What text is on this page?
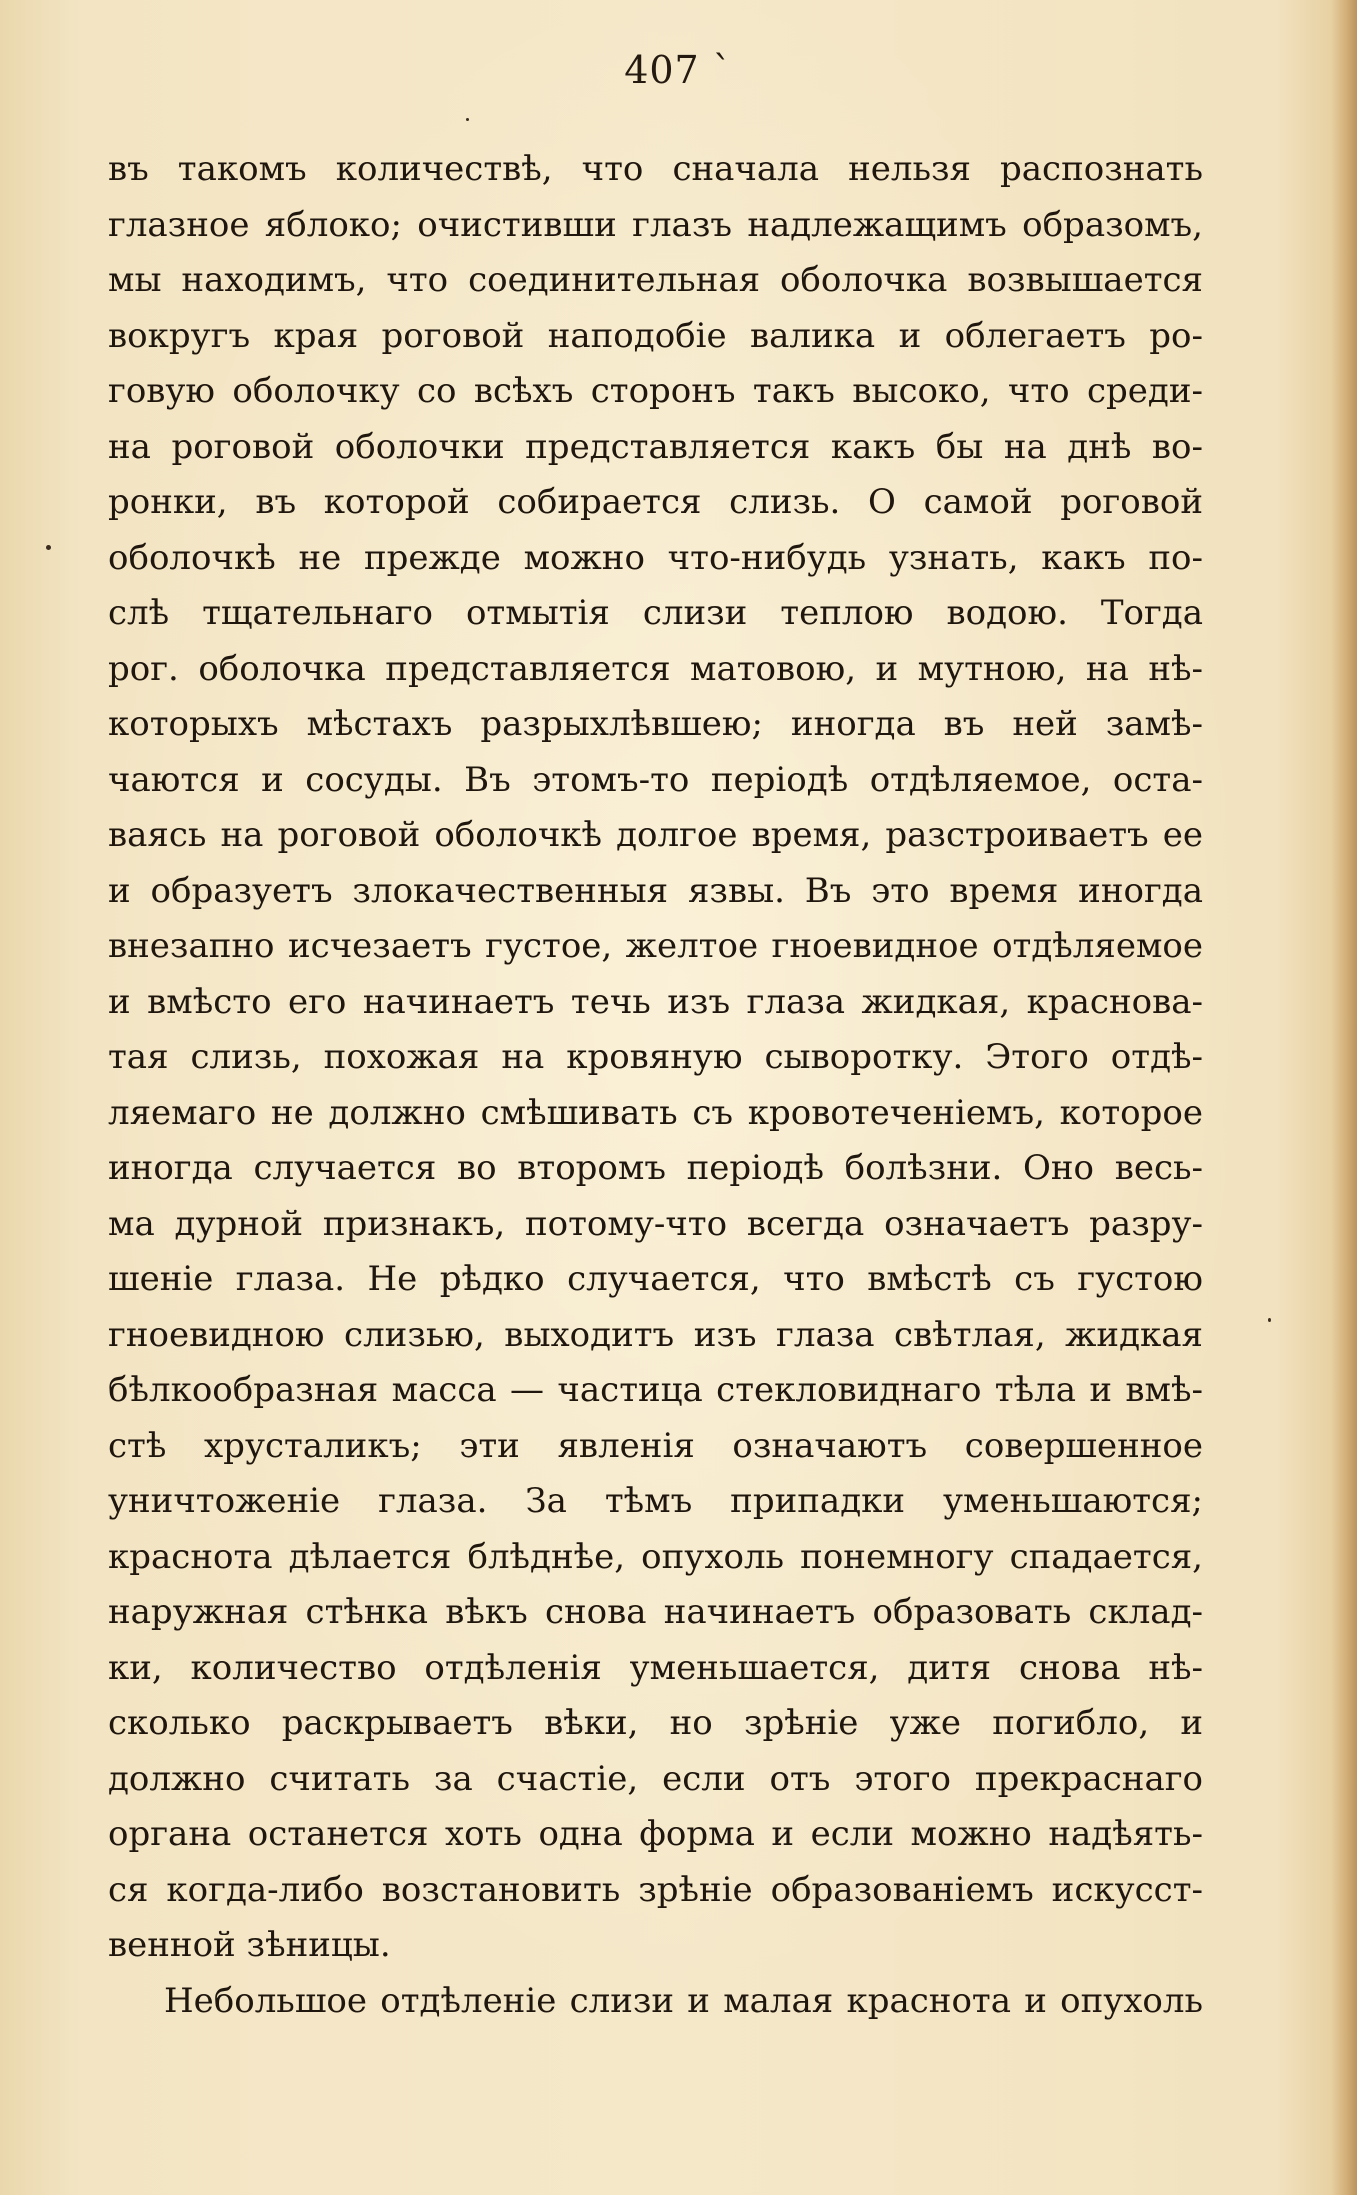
407 `
въ такомъ количествѣ, что сначала нельзя распознать
глазное яблоко; очистивши глазъ надлежащимъ образомъ,
мы находимъ, что соединительная оболочка возвышается
вокругъ края роговой наподобіе валика и облегаетъ ро-
говую оболочку со всѣхъ сторонъ такъ высоко, что среди-
на роговой оболочки представляется какъ бы на днѣ во-
ронки, въ которой собирается слизь. О самой роговой
оболочкѣ не прежде можно что-нибудь узнать, какъ по-
слѣ тщательнаго отмытія слизи теплою водою. Тогда
рог. оболочка представляется матовою, и мутною, на нѣ-
которыхъ мѣстахъ разрыхлѣвшею; иногда въ ней замѣ-
чаются и сосуды. Въ этомъ-то періодѣ отдѣляемое, оста-
ваясь на роговой оболочкѣ долгое время, разстроиваетъ ее
и образуетъ злокачественныя язвы. Въ это время иногда
внезапно исчезаетъ густое, желтое гноевидное отдѣляемое
и вмѣсто его начинаетъ течь изъ глаза жидкая, краснова-
тая слизь, похожая на кровяную сыворотку. Этого отдѣ-
ляемаго не должно смѣшивать съ кровотеченіемъ, которое
иногда случается во второмъ періодѣ болѣзни. Оно весь-
ма дурной признакъ, потому-что всегда означаетъ разру-
шеніе глаза. Не рѣдко случается, что вмѣстѣ съ густою
гноевидною слизью, выходитъ изъ глаза свѣтлая, жидкая
бѣлкообразная масса — частица стекловиднаго тѣла и вмѣ-
стѣ хрусталикъ; эти явленія означаютъ совершенное
уничтоженіе глаза. За тѣмъ припадки уменьшаются;
краснота дѣлается блѣднѣе, опухоль понемногу спадается,
наружная стѣнка вѣкъ снова начинаетъ образовать склад-
ки, количество отдѣленія уменьшается, дитя снова нѣ-
сколько раскрываетъ вѣки, но зрѣніе уже погибло, и
должно считать за счастіе, если отъ этого прекраснаго
органа останется хоть одна форма и если можно надѣять-
ся когда-либо возстановить зрѣніе образованіемъ искусст-
венной зѣницы.
Небольшое отдѣленіе слизи и малая краснота и опухоль
